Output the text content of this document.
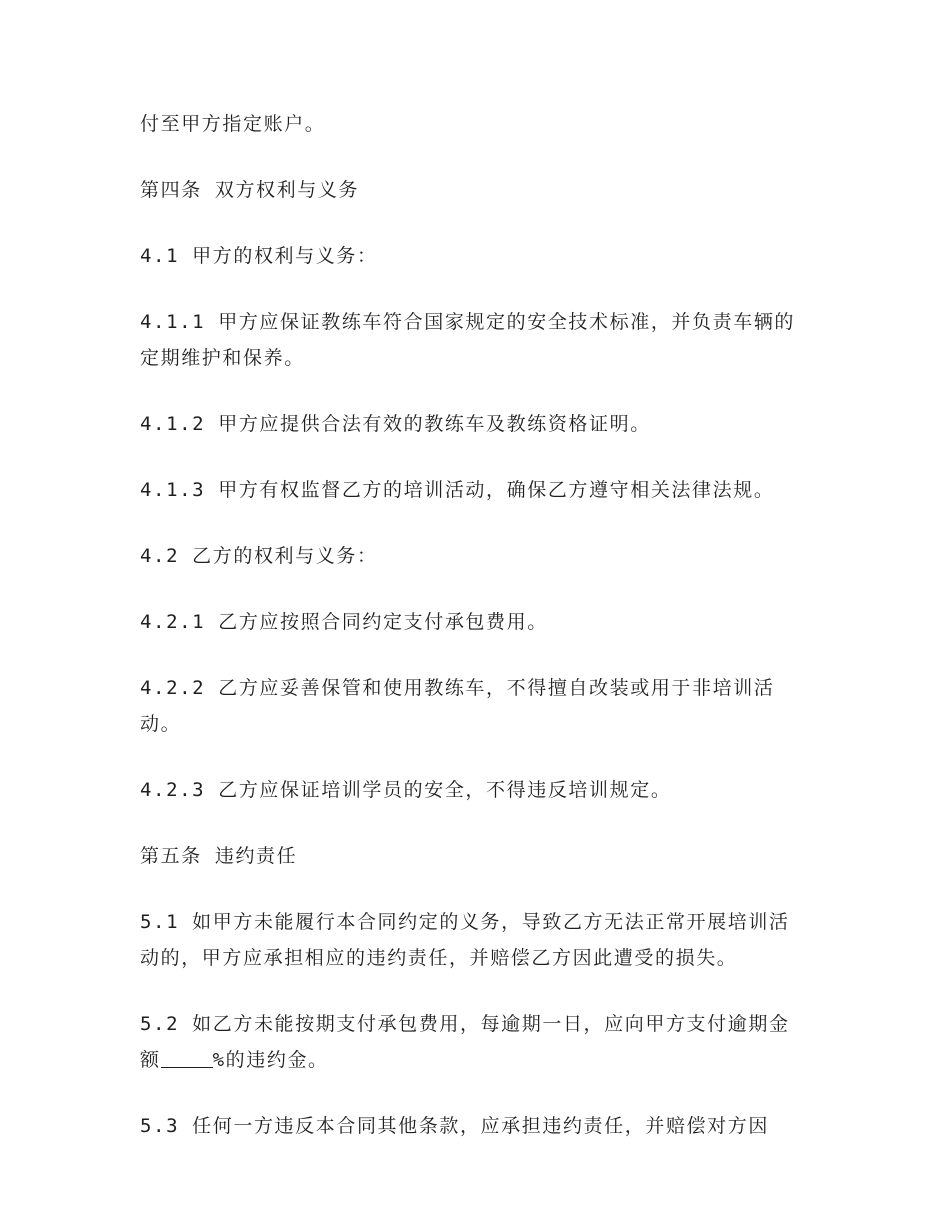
付至甲方指定账户。

第四条 双方权利与义务

4.1 甲方的权利与义务：

4.1.1 甲方应保证教练车符合国家规定的安全技术标准，并负责车辆的定期维护和保养。

4.1.2 甲方应提供合法有效的教练车及教练资格证明。

4.1.3 甲方有权监督乙方的培训活动，确保乙方遵守相关法律法规。

4.2 乙方的权利与义务：

4.2.1 乙方应按照合同约定支付承包费用。

4.2.2 乙方应妥善保管和使用教练车，不得擅自改装或用于非培训活动。

4.2.3 乙方应保证培训学员的安全，不得违反培训规定。

第五条 违约责任

5.1 如甲方未能履行本合同约定的义务，导致乙方无法正常开展培训活动的，甲方应承担相应的违约责任，并赔偿乙方因此遭受的损失。

5.2 如乙方未能按期支付承包费用，每逾期一日，应向甲方支付逾期金额	%的违约金。

5.3 任何一方违反本合同其他条款，应承担违约责任，并赔偿对方因
